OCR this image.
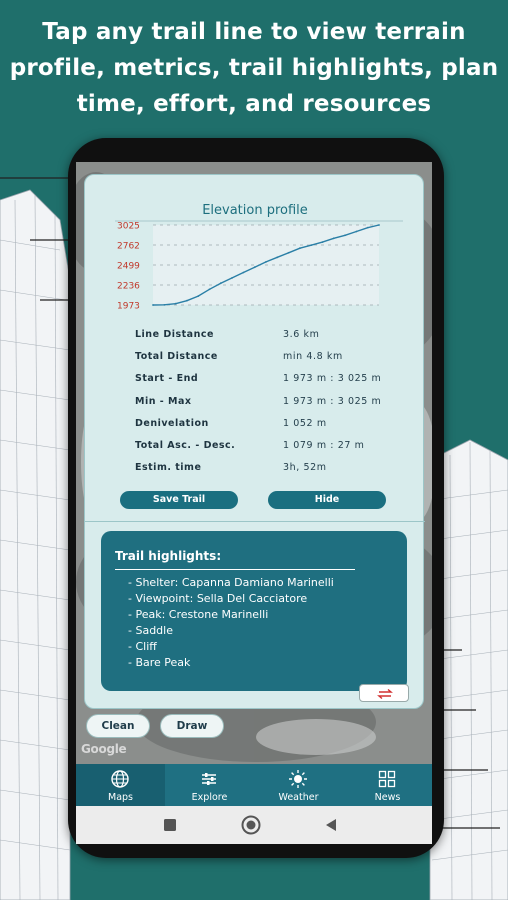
Tap any trail line to view terrain
profile, metrics, trail highlights, plan
time, effort, and resources
Elevation profile
3025
2762
2499
2236
1973
Line Distance	3.6 km
Total Distance	min 4.8 km
Start - End	1 973 m : 3 025 m
Min - Max	1 973 m : 3 025 m
Denivelation	1 052 m
Total Asc. - Desc.	1 079 m : 27 m
Estim. time	3h, 52m
Save Trail	Hide
Trail highlights:
- Shelter: Capanna Damiano Marinelli
- Viewpoint: Sella Del Cacciatore
- Peak: Crestone Marinelli
- Saddle
- Cliff
- Bare Peak
Clean	Draw
Google
Maps	Explore	Weather	News
